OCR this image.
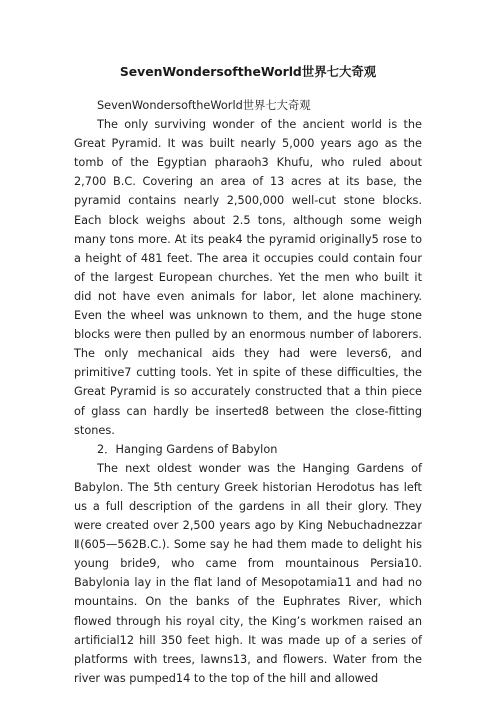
SevenWondersoftheWorld世界七大奇观

SevenWondersoftheWorld世界七大奇观

The only surviving wonder of the ancient world is the Great Pyramid. It was built nearly 5,000 years ago as the tomb of the Egyptian pharaoh3 Khufu, who ruled about 2,700 B.C. Covering an area of 13 acres at its base, the pyramid contains nearly 2,500,000 well-cut stone blocks. Each block weighs about 2.5 tons, although some weigh many tons more. At its peak4 the pyramid originally5 rose to a height of 481 feet. The area it occupies could contain four of the largest European churches. Yet the men who built it did not have even animals for labor, let alone machinery. Even the wheel was unknown to them, and the huge stone blocks were then pulled by an enormous number of laborers. The only mechanical aids they had were levers6, and primitive7 cutting tools. Yet in spite of these difficulties, the Great Pyramid is so accurately constructed that a thin piece of glass can hardly be inserted8 between the close-fitting stones.

2．Hanging Gardens of Babylon

The next oldest wonder was the Hanging Gardens of Babylon. The 5th century Greek historian Herodotus has left us a full description of the gardens in all their glory. They were created over 2,500 years ago by King Nebuchadnezzar Ⅱ(605—562B.C.). Some say he had them made to delight his young bride9, who came from mountainous Persia10. Babylonia lay in the flat land of Mesopotamia11 and had no mountains. On the banks of the Euphrates River, which flowed through his royal city, the King’s workmen raised an artificial12 hill 350 feet high. It was made up of a series of platforms with trees, lawns13, and flowers. Water from the river was pumped14 to the top of the hill and allowed
